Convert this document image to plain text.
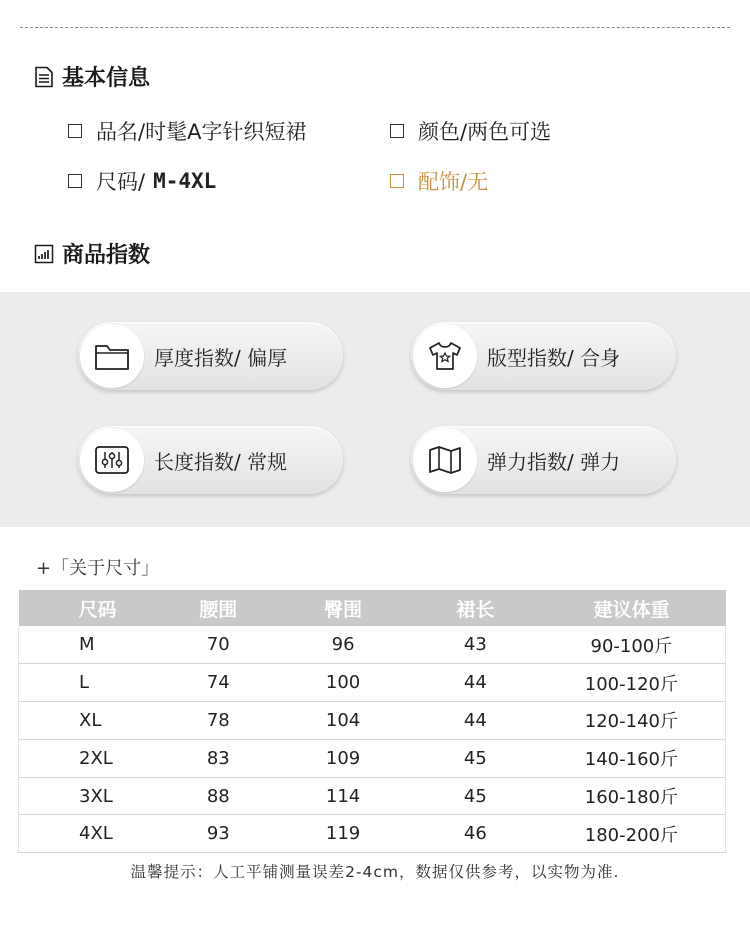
基本信息
品名/时髦A字针织短裙	颜色/两色可选
尺码/ M-4XL	配饰/无
商品指数
厚度指数/ 偏厚	版型指数/ 合身
长度指数/ 常规	弹力指数/ 弹力
+「关于尺寸」
尺码	腰围	臀围	裙长	建议体重
M	70	96	43	90-100斤
L	74	100	44	100-120斤
XL	78	104	44	120-140斤
2XL	83	109	45	140-160斤
3XL	88	114	45	160-180斤
4XL	93	119	46	180-200斤
温馨提示：人工平铺测量误差2-4cm，数据仅供参考，以实物为准.
